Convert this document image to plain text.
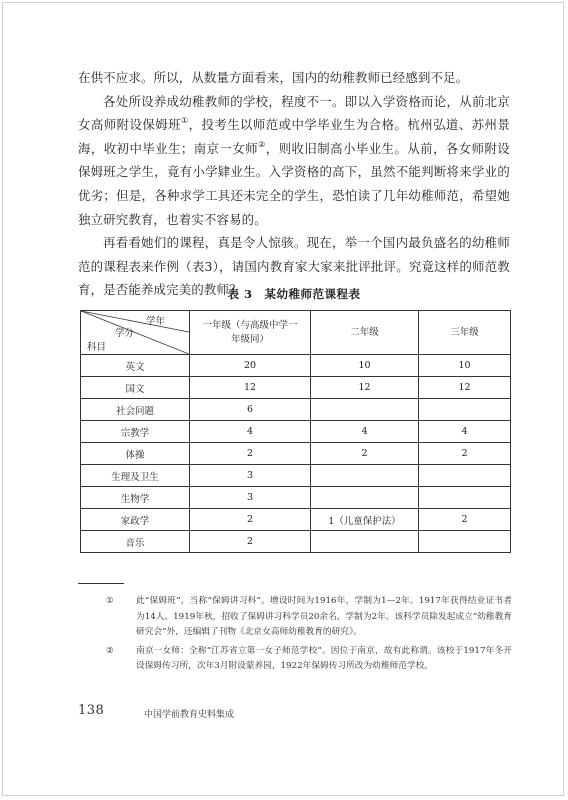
在供不应求。所以，从数量方面看来，国内的幼稚教师已经感到不足。

各处所设养成幼稚教师的学校，程度不一。即以入学资格而论，从前北京女高师附设保姆班①，投考生以师范或中学毕业生为合格。杭州弘道、苏州景海，收初中毕业生；南京一女师②，则收旧制高小毕业生。从前，各女师附设保姆班之学生，竟有小学肄业生。入学资格的高下，虽然不能判断将来学业的优劣；但是，各种求学工具还未完全的学生，恐怕读了几年幼稚师范，希望她独立研究教育，也着实不容易的。

再看看她们的课程，真是令人惊骇。现在，举一个国内最负盛名的幼稚师范的课程表来作例（表3），请国内教育家大家来批评批评。究竟这样的师范教育，是否能养成完美的教师？

表 3　某幼稚师范课程表
学年
学分
科目	一年级（与高级中学一年级同）	二年级	三年级
英文	20	10	10
国文	12	12	12
社会问题	6		
宗教学	4	4	4
体操	2	2	2
生理及卫生	3		
生物学	3		
家政学	2	1（儿童保护法）	2
音乐	2		
①	此“保姆班”，当称“保姆讲习科”。增设时间为1916年，学制为1—2年。1917年获得结业证书者为14人。1919年秋，招收了保姆讲习科学员20余名，学制为2年。该科学员除发起成立“幼稚教育研究会”外，还编辑了刊物《北京女高师幼稚教育的研究》。
②	南京一女师：全称“江苏省立第一女子师范学校”。因位于南京，故有此称谓。该校于1917年冬开设保姆传习所，次年3月附设蒙养园，1922年保姆传习所改为幼稚师范学校。
138	中国学前教育史料集成
